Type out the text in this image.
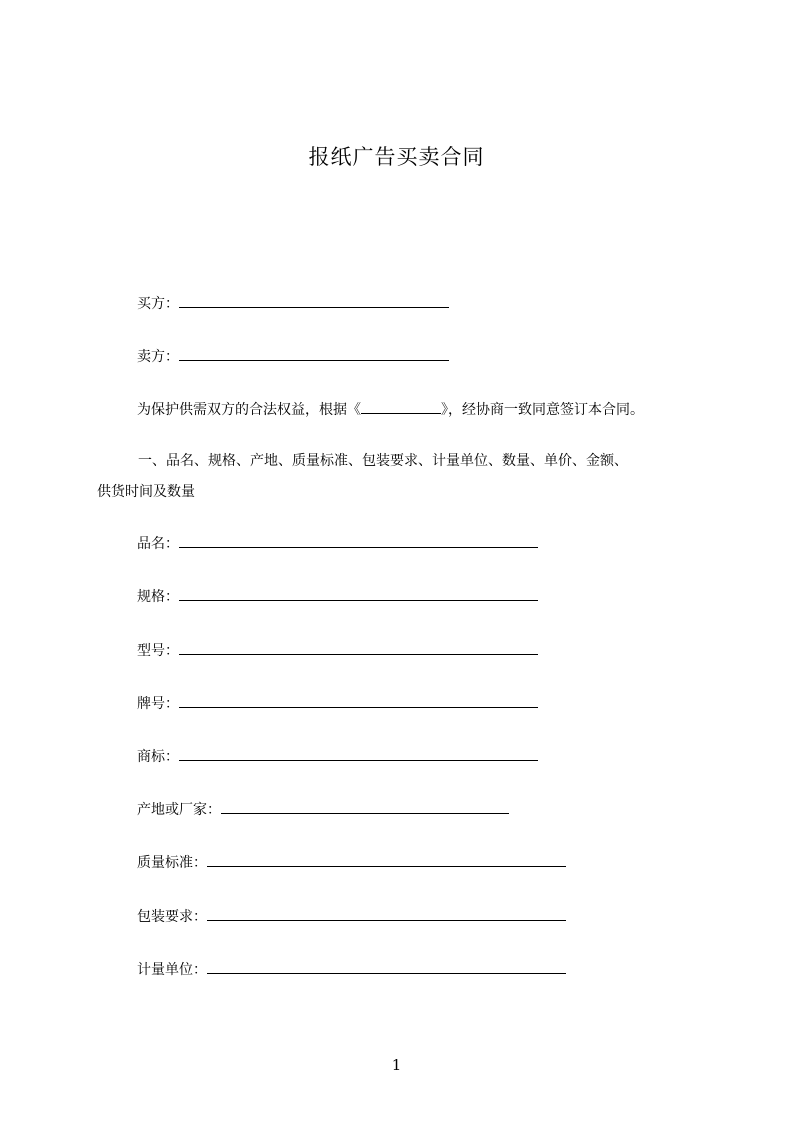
报纸广告买卖合同
买方：
卖方：
为保护供需双方的合法权益，根据《	》，经协商一致同意签订本合同。
一、品名、规格、产地、质量标准、包装要求、计量单位、数量、单价、金额、
供货时间及数量
品名：
规格：
型号：
牌号：
商标：
产地或厂家：
质量标准：
包装要求：
计量单位：
1
